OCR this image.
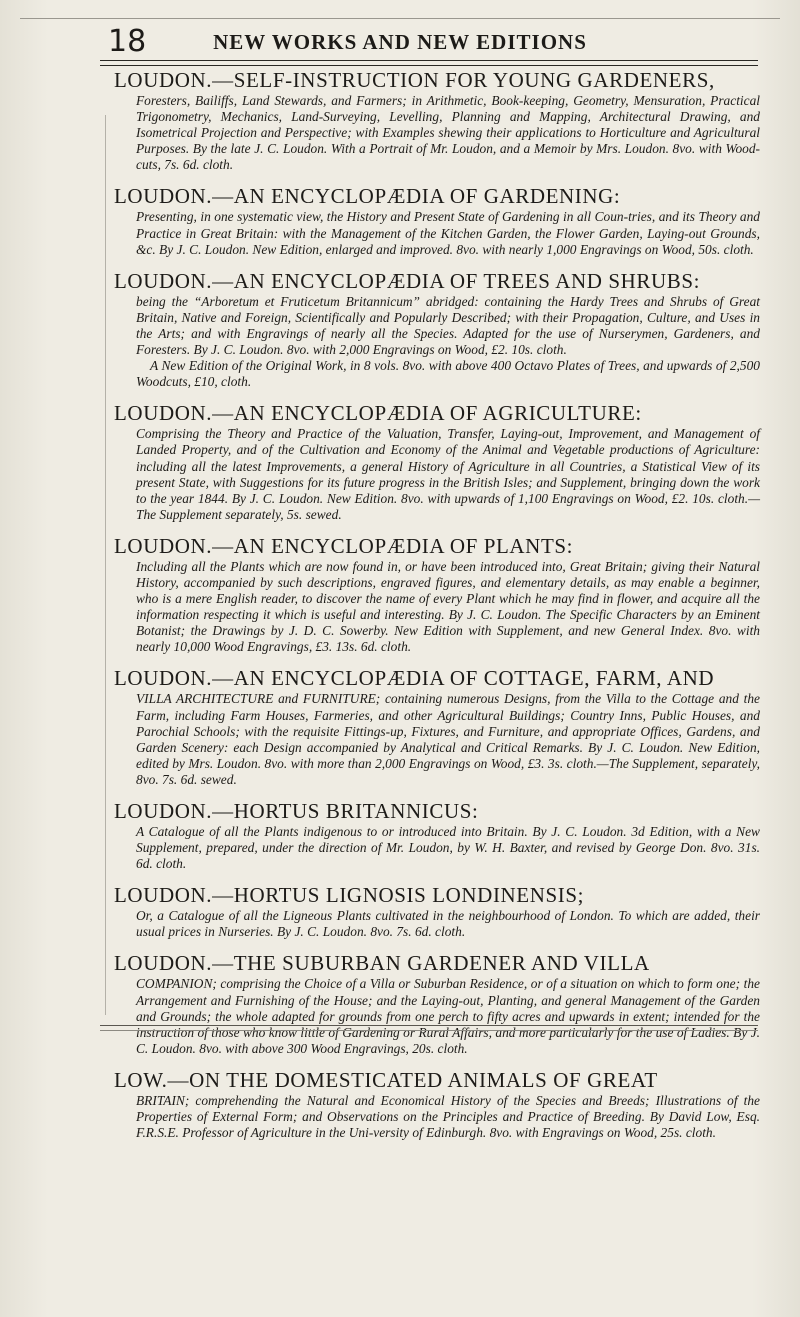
18	NEW WORKS AND NEW EDITIONS
LOUDON.—SELF-INSTRUCTION FOR YOUNG GARDENERS,

Foresters, Bailiffs, Land Stewards, and Farmers; in Arithmetic, Book-keeping, Geometry, Mensuration, Practical Trigonometry, Mechanics, Land-Surveying, Levelling, Planning and Mapping, Architectural Drawing, and Isometrical Projection and Perspective; with Examples shewing their applications to Horticulture and Agricultural Purposes. By the late J. C. Loudon. With a Portrait of Mr. Loudon, and a Memoir by Mrs. Loudon. 8vo. with Wood-cuts, 7s. 6d. cloth.

LOUDON.—AN ENCYCLOPÆDIA OF GARDENING:

Presenting, in one systematic view, the History and Present State of Gardening in all Coun-tries, and its Theory and Practice in Great Britain: with the Management of the Kitchen Garden, the Flower Garden, Laying-out Grounds, &c. By J. C. Loudon. New Edition, enlarged and improved. 8vo. with nearly 1,000 Engravings on Wood, 50s. cloth.

LOUDON.—AN ENCYCLOPÆDIA OF TREES AND SHRUBS:

being the “Arboretum et Fruticetum Britannicum” abridged: containing the Hardy Trees and Shrubs of Great Britain, Native and Foreign, Scientifically and Popularly Described; with their Propagation, Culture, and Uses in the Arts; and with Engravings of nearly all the Species. Adapted for the use of Nurserymen, Gardeners, and Foresters. By J. C. Loudon. 8vo. with 2,000 Engravings on Wood, £2. 10s. cloth.

A New Edition of the Original Work, in 8 vols. 8vo. with above 400 Octavo Plates of Trees, and upwards of 2,500 Woodcuts, £10, cloth.

LOUDON.—AN ENCYCLOPÆDIA OF AGRICULTURE:

Comprising the Theory and Practice of the Valuation, Transfer, Laying-out, Improvement, and Management of Landed Property, and of the Cultivation and Economy of the Animal and Vegetable productions of Agriculture: including all the latest Improvements, a general History of Agriculture in all Countries, a Statistical View of its present State, with Suggestions for its future progress in the British Isles; and Supplement, bringing down the work to the year 1844. By J. C. Loudon. New Edition. 8vo. with upwards of 1,100 Engravings on Wood, £2. 10s. cloth.—The Supplement separately, 5s. sewed.

LOUDON.—AN ENCYCLOPÆDIA OF PLANTS:

Including all the Plants which are now found in, or have been introduced into, Great Britain; giving their Natural History, accompanied by such descriptions, engraved figures, and elementary details, as may enable a beginner, who is a mere English reader, to discover the name of every Plant which he may find in flower, and acquire all the information respecting it which is useful and interesting. By J. C. Loudon. The Specific Characters by an Eminent Botanist; the Drawings by J. D. C. Sowerby. New Edition with Supplement, and new General Index. 8vo. with nearly 10,000 Wood Engravings, £3. 13s. 6d. cloth.

LOUDON.—AN ENCYCLOPÆDIA OF COTTAGE, FARM, AND

VILLA ARCHITECTURE and FURNITURE; containing numerous Designs, from the Villa to the Cottage and the Farm, including Farm Houses, Farmeries, and other Agricultural Buildings; Country Inns, Public Houses, and Parochial Schools; with the requisite Fittings-up, Fixtures, and Furniture, and appropriate Offices, Gardens, and Garden Scenery: each Design accompanied by Analytical and Critical Remarks. By J. C. Loudon. New Edition, edited by Mrs. Loudon. 8vo. with more than 2,000 Engravings on Wood, £3. 3s. cloth.—The Supplement, separately, 8vo. 7s. 6d. sewed.

LOUDON.—HORTUS BRITANNICUS:

A Catalogue of all the Plants indigenous to or introduced into Britain. By J. C. Loudon. 3d Edition, with a New Supplement, prepared, under the direction of Mr. Loudon, by W. H. Baxter, and revised by George Don. 8vo. 31s. 6d. cloth.

LOUDON.—HORTUS LIGNOSIS LONDINENSIS;

Or, a Catalogue of all the Ligneous Plants cultivated in the neighbourhood of London. To which are added, their usual prices in Nurseries. By J. C. Loudon. 8vo. 7s. 6d. cloth.

LOUDON.—THE SUBURBAN GARDENER AND VILLA

COMPANION; comprising the Choice of a Villa or Suburban Residence, or of a situation on which to form one; the Arrangement and Furnishing of the House; and the Laying-out, Planting, and general Management of the Garden and Grounds; the whole adapted for grounds from one perch to fifty acres and upwards in extent; intended for the instruction of those who know little of Gardening or Rural Affairs, and more particularly for the use of Ladies. By J. C. Loudon. 8vo. with above 300 Wood Engravings, 20s. cloth.

LOW.—ON THE DOMESTICATED ANIMALS OF GREAT

BRITAIN; comprehending the Natural and Economical History of the Species and Breeds; Illustrations of the Properties of External Form; and Observations on the Principles and Practice of Breeding. By David Low, Esq. F.R.S.E. Professor of Agriculture in the Uni-versity of Edinburgh. 8vo. with Engravings on Wood, 25s. cloth.
